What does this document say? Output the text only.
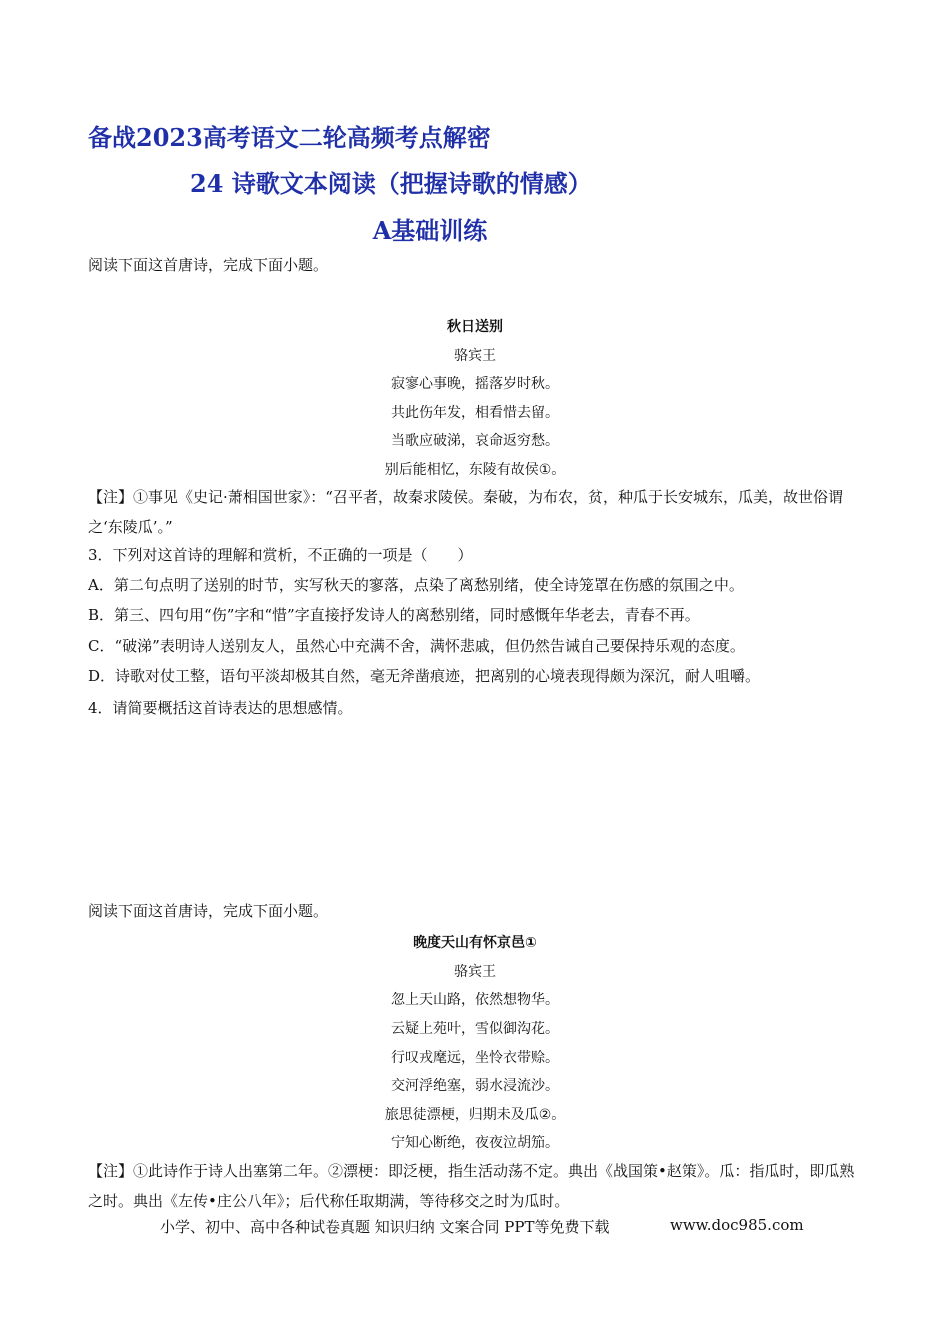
备战2023高考语文二轮高频考点解密
24 诗歌文本阅读（把握诗歌的情感）
A基础训练
阅读下面这首唐诗，完成下面小题。
秋日送别
骆宾王
寂寥心事晚，摇落岁时秋。
共此伤年发，相看惜去留。
当歌应破涕，哀命返穷愁。
别后能相忆，东陵有故侯①。
【注】①事见《史记·萧相国世家》：“召平者，故秦求陵侯。秦破，为布农，贫，种瓜于长安城东，瓜美，故世俗谓之‘东陵瓜’。”
3．下列对这首诗的理解和赏析，不正确的一项是（　　）
A．第二句点明了送别的时节，实写秋天的寥落，点染了离愁别绪，使全诗笼罩在伤感的氛围之中。
B．第三、四句用“伤”字和“惜”字直接抒发诗人的离愁别绪，同时感慨年华老去，青春不再。
C．“破涕”表明诗人送别友人，虽然心中充满不舍，满怀悲戚，但仍然告诫自己要保持乐观的态度。
D．诗歌对仗工整，语句平淡却极其自然，毫无斧凿痕迹，把离别的心境表现得颇为深沉，耐人咀嚼。
4．请简要概括这首诗表达的思想感情。
阅读下面这首唐诗，完成下面小题。
晚度天山有怀京邑①
骆宾王
忽上天山路，依然想物华。
云疑上苑叶，雪似御沟花。
行叹戎麾远，坐怜衣带赊。
交河浮绝塞，弱水浸流沙。
旅思徒漂梗，归期未及瓜②。
宁知心断绝，夜夜泣胡笳。
【注】①此诗作于诗人出塞第二年。②漂梗：即泛梗，指生活动荡不定。典出《战国策•赵策》。瓜：指瓜时，即瓜熟之时。典出《左传•庄公八年》；后代称任取期满，等待移交之时为瓜时。
小学、初中、高中各种试卷真题 知识归纳 文案合同 PPT等免费下载	www.doc985.com
